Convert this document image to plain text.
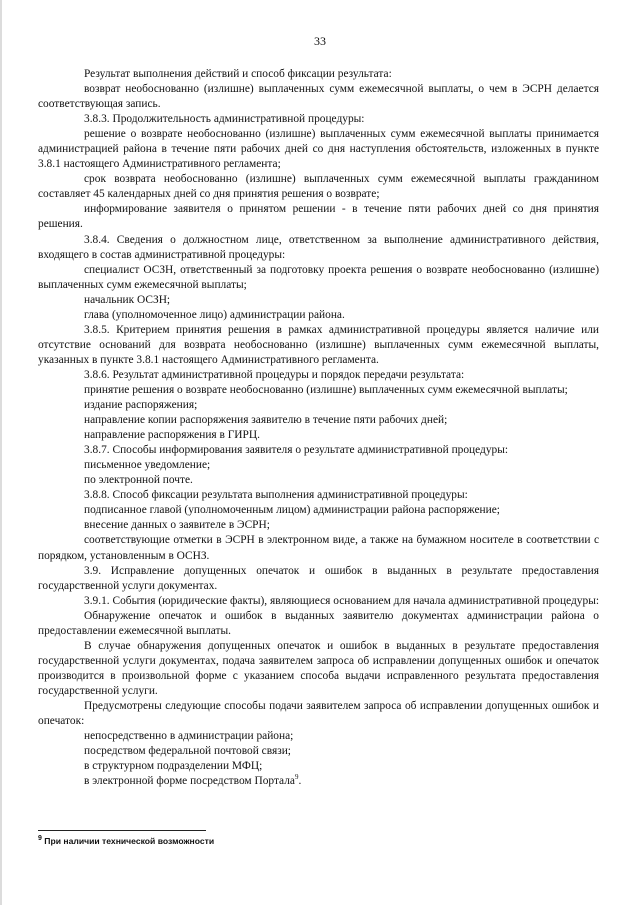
33

Результат выполнения действий и способ фиксации результата:

возврат необоснованно (излишне) выплаченных сумм ежемесячной выплаты, о чем в ЭСРН делается соответствующая запись.

3.8.3. Продолжительность административной процедуры:

решение о возврате необоснованно (излишне) выплаченных сумм ежемесячной выплаты принимается администрацией района в течение пяти рабочих дней со дня наступления обстоятельств, изложенных в пункте 3.8.1 настоящего Административного регламента;

срок возврата необоснованно (излишне) выплаченных сумм ежемесячной выплаты гражданином составляет 45 календарных дней со дня принятия решения о возврате;

информирование заявителя о принятом решении - в течение пяти рабочих дней со дня принятия решения.

3.8.4. Сведения о должностном лице, ответственном за выполнение административного действия, входящего в состав административной процедуры:

специалист ОСЗН, ответственный за подготовку проекта решения о возврате необоснованно (излишне) выплаченных сумм ежемесячной выплаты;

начальник ОСЗН;

глава (уполномоченное лицо) администрации района.

3.8.5. Критерием принятия решения в рамках административной процедуры является наличие или отсутствие оснований для возврата необоснованно (излишне) выплаченных сумм ежемесячной выплаты, указанных в пункте 3.8.1 настоящего Административного регламента.

3.8.6. Результат административной процедуры и порядок передачи результата:

принятие решения о возврате необоснованно (излишне) выплаченных сумм ежемесячной выплаты;

издание распоряжения;

направление копии распоряжения заявителю в течение пяти рабочих дней;

направление распоряжения в ГИРЦ.

3.8.7. Способы информирования заявителя о результате административной процедуры:

письменное уведомление;

по электронной почте.

3.8.8. Способ фиксации результата выполнения административной процедуры:

подписанное главой (уполномоченным лицом) администрации района распоряжение;

внесение данных о заявителе в ЭСРН;

соответствующие отметки в ЭСРН в электронном виде, а также на бумажном носителе в соответствии с порядком, установленным в ОСНЗ.

3.9. Исправление допущенных опечаток и ошибок в выданных в результате предоставления государственной услуги документах.

3.9.1. События (юридические факты), являющиеся основанием для начала административной процедуры:

Обнаружение опечаток и ошибок в выданных заявителю документах администрации района о предоставлении ежемесячной выплаты.

В случае обнаружения допущенных опечаток и ошибок в выданных в результате предоставления государственной услуги документах, подача заявителем запроса об исправлении допущенных ошибок и опечаток производится в произвольной форме с указанием способа выдачи исправленного результата предоставления государственной услуги.

Предусмотрены следующие способы подачи заявителем запроса об исправлении допущенных ошибок и опечаток:

непосредственно в администрации района;

посредством федеральной почтовой связи;

в структурном подразделении МФЦ;

в электронной форме посредством Портала$^9$.

$^9$ При наличии технической возможности
